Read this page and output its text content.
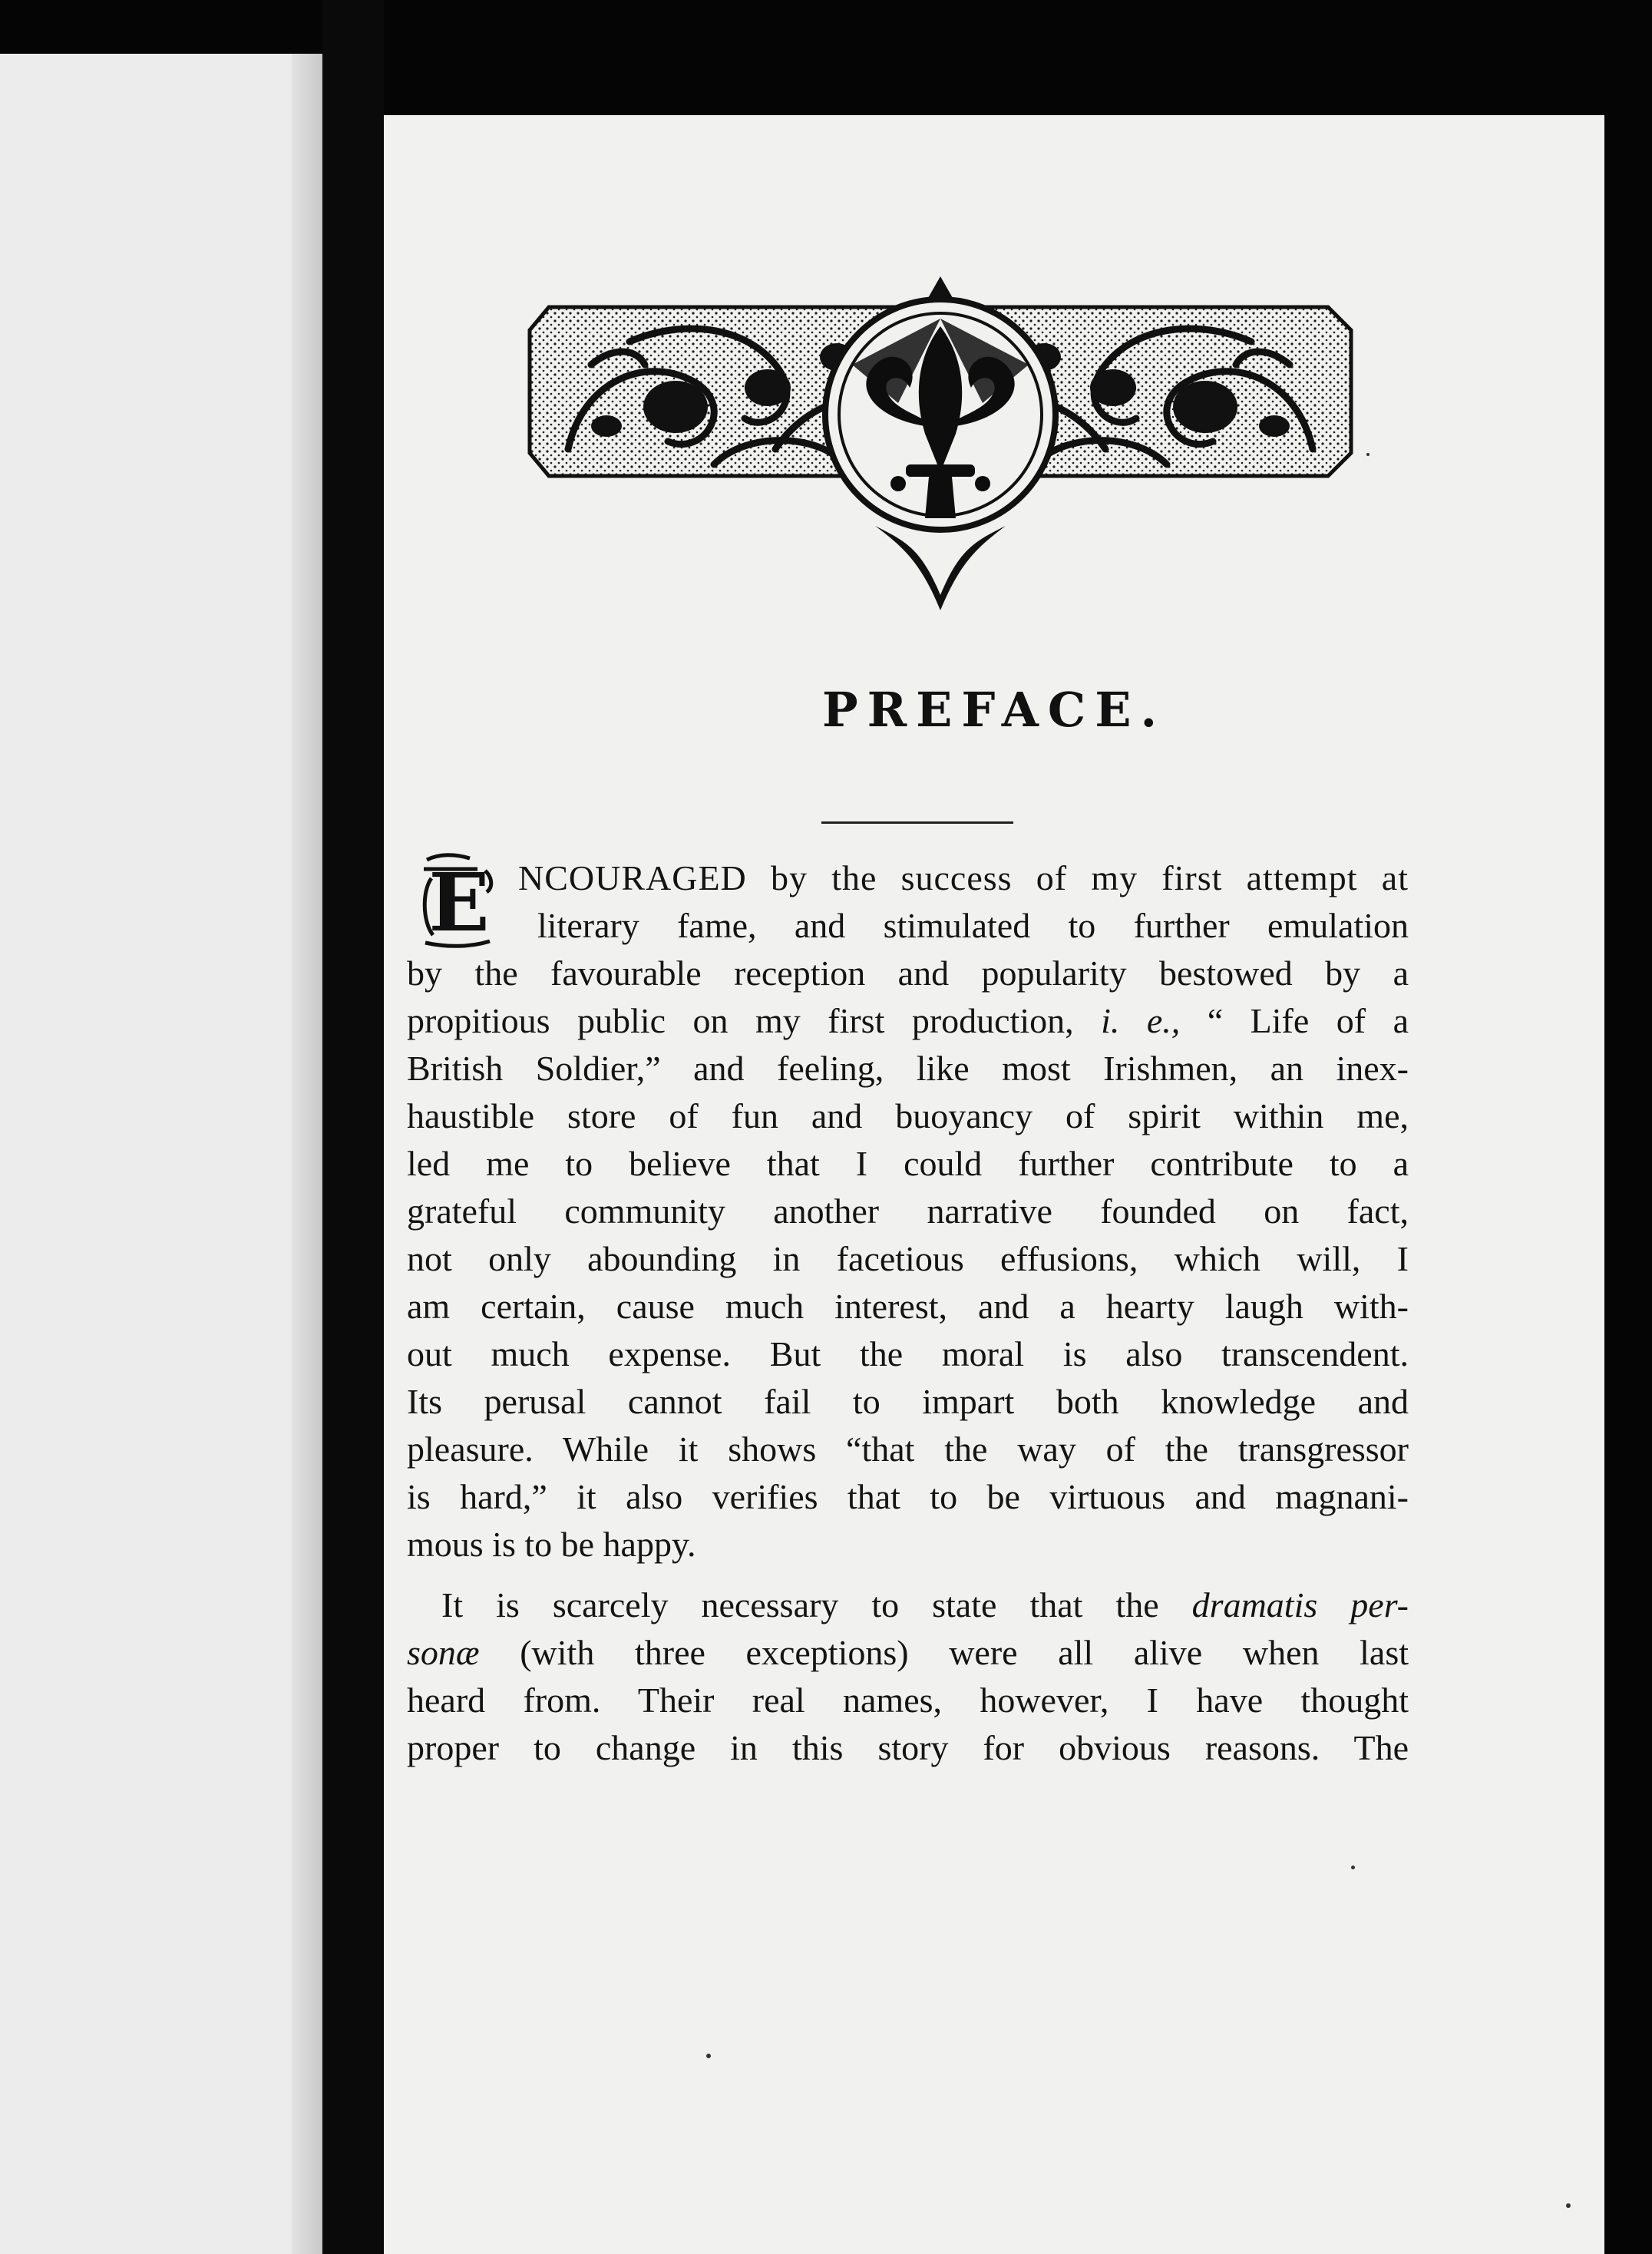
PREFACE.
E NCOURAGED by the success of my first attempt at

literary fame, and stimulated to further emulation

by the favourable reception and popularity bestowed by a

propitious public on my first production, i. e., “ Life of a

British Soldier,” and feeling, like most Irishmen, an inex-

haustible store of fun and buoyancy of spirit within me,

led me to believe that I could further contribute to a

grateful community another narrative founded on fact,

not only abounding in facetious effusions, which will, I

am certain, cause much interest, and a hearty laugh with-

out much expense. But the moral is also transcendent.

Its perusal cannot fail to impart both knowledge and

pleasure. While it shows “that the way of the transgressor

is hard,” it also verifies that to be virtuous and magnani-

mous is to be happy.

It is scarcely necessary to state that the dramatis per-

sonæ (with three exceptions) were all alive when last

heard from. Their real names, however, I have thought

proper to change in this story for obvious reasons. The
